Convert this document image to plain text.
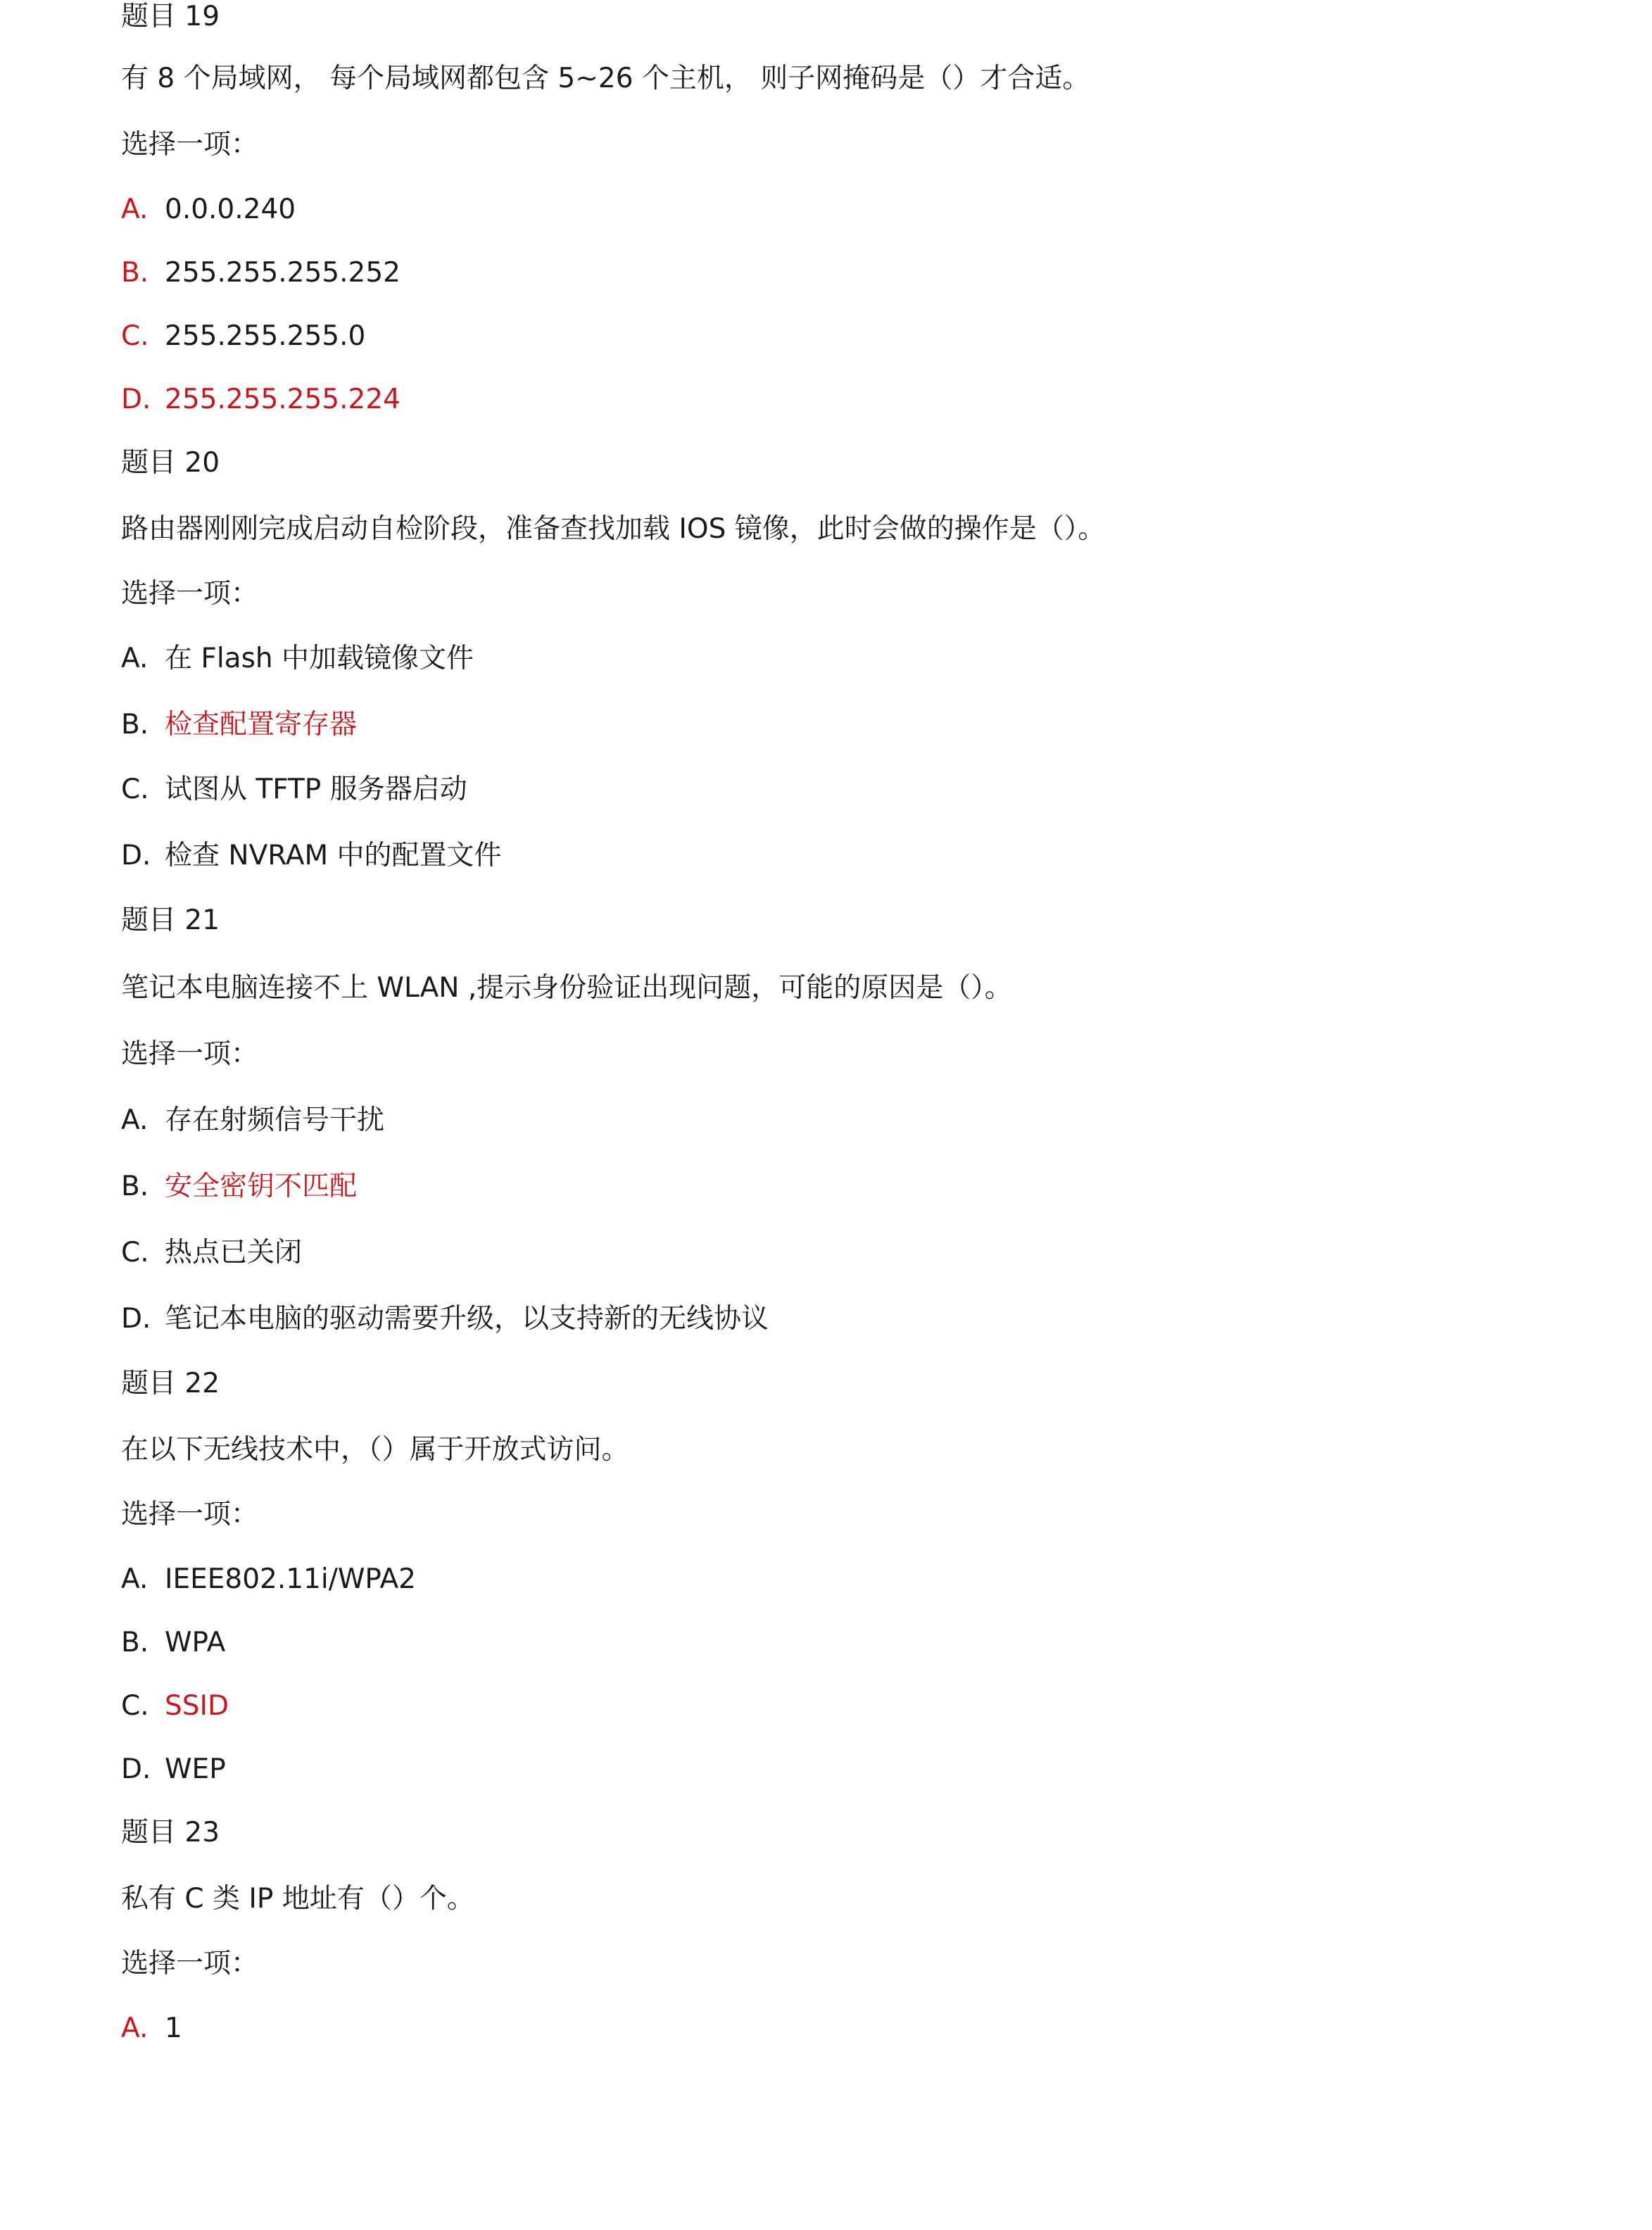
题目 19
有 8 个局域网， 每个局域网都包含 5~26 个主机， 则子网掩码是（）才合适。
选择一项：
A. 0.0.0.240
B. 255.255.255.252
C. 255.255.255.0
D. 255.255.255.224
题目 20
路由器刚刚完成启动自检阶段，准备查找加载 IOS 镜像，此时会做的操作是（）。
选择一项：
A. 在 Flash 中加载镜像文件
B. 检查配置寄存器
C. 试图从 TFTP 服务器启动
D. 检查 NVRAM 中的配置文件
题目 21
笔记本电脑连接不上 WLAN ,提示身份验证出现问题，可能的原因是（）。
选择一项：
A. 存在射频信号干扰
B. 安全密钥不匹配
C. 热点已关闭
D. 笔记本电脑的驱动需要升级，以支持新的无线协议
题目 22
在以下无线技术中，（）属于开放式访问。
选择一项：
A. IEEE802.11i/WPA2
B. WPA
C. SSID
D. WEP
题目 23
私有 C 类 IP 地址有（）个。
选择一项：
A. 1
